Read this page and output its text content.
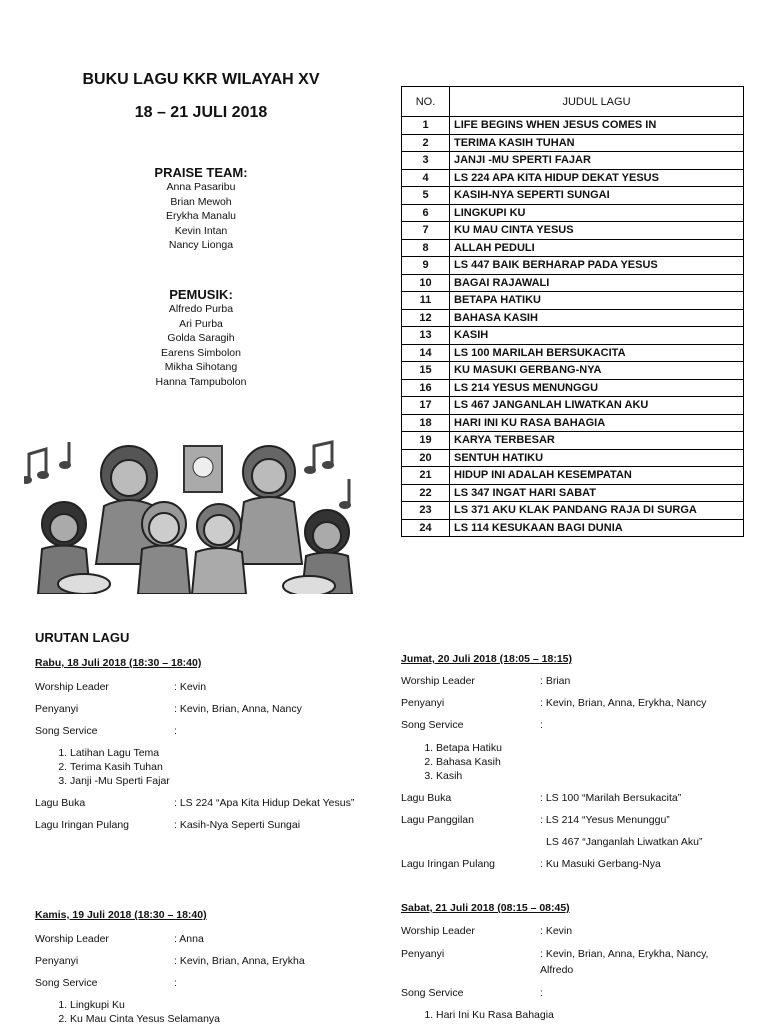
BUKU LAGU KKR WILAYAH XV
18 – 21 JULI 2018
PRAISE TEAM:
Anna Pasaribu
Brian Mewoh
Erykha Manalu
Kevin Intan
Nancy Lionga
PEMUSIK:
Alfredo Purba
Ari Purba
Golda Saragih
Earens Simbolon
Mikha Sihotang
Hanna Tampubolon
NO.	JUDUL LAGU
1	LIFE BEGINS WHEN JESUS COMES IN
2	TERIMA KASIH TUHAN
3	JANJI -MU SPERTI FAJAR
4	LS 224 APA KITA HIDUP DEKAT YESUS
5	KASIH-NYA SEPERTI SUNGAI
6	LINGKUPI KU
7	KU MAU CINTA YESUS
8	ALLAH PEDULI
9	LS 447 BAIK BERHARAP PADA YESUS
10	BAGAI RAJAWALI
11	BETAPA HATIKU
12	BAHASA KASIH
13	KASIH
14	LS 100 MARILAH BERSUKACITA
15	KU MASUKI GERBANG-NYA
16	LS 214 YESUS MENUNGGU
17	LS 467 JANGANLAH LIWATKAN AKU
18	HARI INI KU RASA BAHAGIA
19	KARYA TERBESAR
20	SENTUH HATIKU
21	HIDUP INI ADALAH KESEMPATAN
22	LS 347 INGAT HARI SABAT
23	LS 371 AKU KLAK PANDANG RAJA DI SURGA
24	LS 114 KESUKAAN BAGI DUNIA
URUTAN LAGU
Rabu, 18 Juli 2018 (18:30 – 18:40)
Worship Leader	: Kevin
Penyanyi	: Kevin, Brian, Anna, Nancy
Song Service	:
1. Latihan Lagu Tema
2. Terima Kasih Tuhan
3. Janji -Mu Sperti Fajar
Lagu Buka	: LS 224 “Apa Kita Hidup Dekat Yesus”
Lagu Iringan Pulang	: Kasih-Nya Seperti Sungai
Kamis, 19 Juli 2018 (18:30 – 18:40)
Worship Leader	: Anna
Penyanyi	: Kevin, Brian, Anna, Erykha
Song Service	:
1. Lingkupi Ku
2. Ku Mau Cinta Yesus Selamanya
Jumat, 20 Juli 2018 (18:05 – 18:15)
Worship Leader	: Brian
Penyanyi	: Kevin, Brian, Anna, Erykha, Nancy
Song Service	:
1. Betapa Hatiku
2. Bahasa Kasih
3. Kasih
Lagu Buka	: LS 100 “Marilah Bersukacita”
Lagu Panggilan	: LS 214 “Yesus Menunggu”
LS 467 “Janganlah Liwatkan Aku”
Lagu Iringan Pulang	: Ku Masuki Gerbang-Nya
Sabat, 21 Juli 2018 (08:15 – 08:45)
Worship Leader	: Kevin
Penyanyi	: Kevin, Brian, Anna, Erykha, Nancy,
Alfredo
Song Service	:
1. Hari Ini Ku Rasa Bahagia
